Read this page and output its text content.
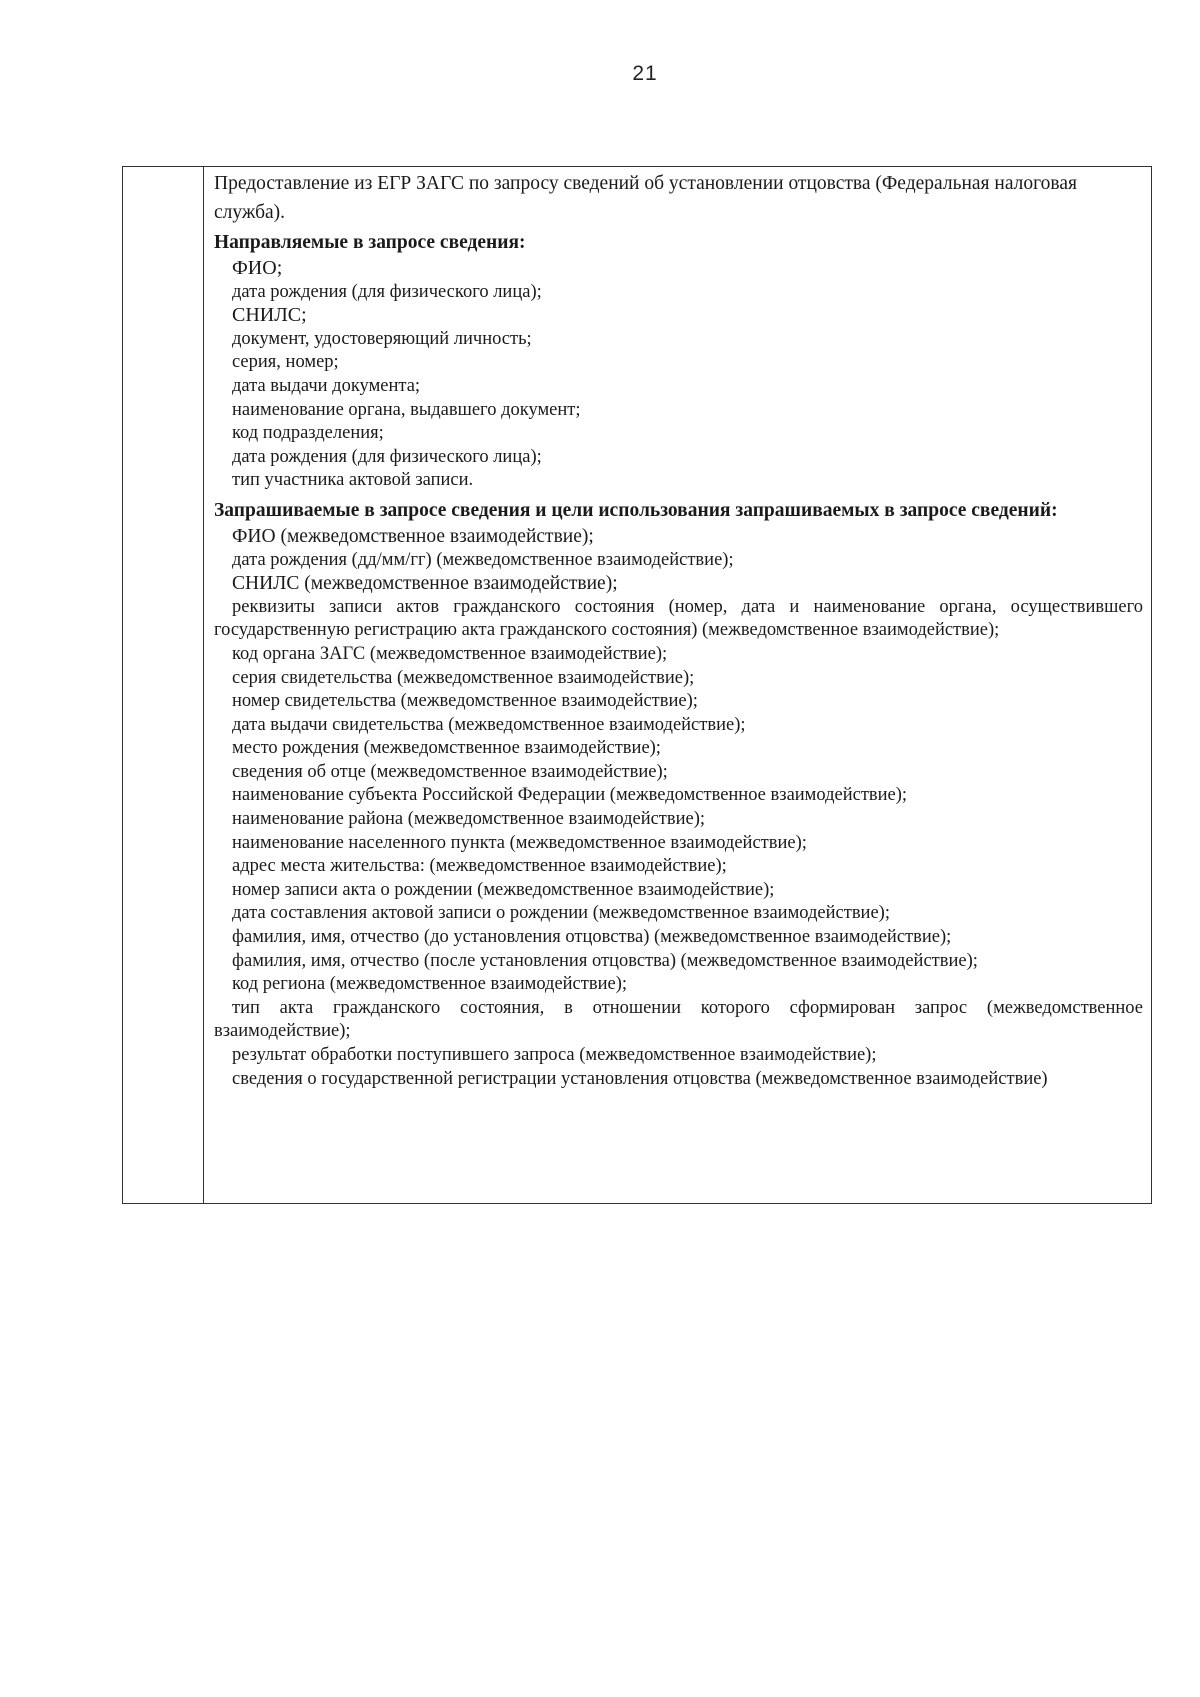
21

Предоставление из ЕГР ЗАГС по запросу сведений об установлении отцовства (Федеральная налоговая служба).

Направляемые в запросе сведения:

ФИО;
дата рождения (для физического лица);
СНИЛС;
документ, удостоверяющий личность;
серия, номер;
дата выдачи документа;
наименование органа, выдавшего документ;
код подразделения;
дата рождения (для физического лица);
тип участника актовой записи.

Запрашиваемые в запросе сведения и цели использования запрашиваемых в запросе сведений:

ФИО (межведомственное взаимодействие);
дата рождения (дд/мм/гг) (межведомственное взаимодействие);
СНИЛС (межведомственное взаимодействие);
реквизиты записи актов гражданского состояния (номер, дата и наименование органа, осуществившего государственную регистрацию акта гражданского состояния) (межведомственное взаимодействие);
код органа ЗАГС (межведомственное взаимодействие);
серия свидетельства (межведомственное взаимодействие);
номер свидетельства (межведомственное взаимодействие);
дата выдачи свидетельства (межведомственное взаимодействие);
место рождения (межведомственное взаимодействие);
сведения об отце (межведомственное взаимодействие);
наименование субъекта Российской Федерации (межведомственное взаимодействие);
наименование района (межведомственное взаимодействие);
наименование населенного пункта (межведомственное взаимодействие);
адрес места жительства: (межведомственное взаимодействие);
номер записи акта о рождении (межведомственное взаимодействие);
дата составления актовой записи о рождении (межведомственное взаимодействие);
фамилия, имя, отчество (до установления отцовства) (межведомственное взаимодействие);
фамилия, имя, отчество (после установления отцовства) (межведомственное взаимодействие);
код региона (межведомственное взаимодействие);
тип акта гражданского состояния, в отношении которого сформирован запрос (межведомственное взаимодействие);
результат обработки поступившего запроса (межведомственное взаимодействие);
сведения о государственной регистрации установления отцовства (межведомственное взаимодействие)
